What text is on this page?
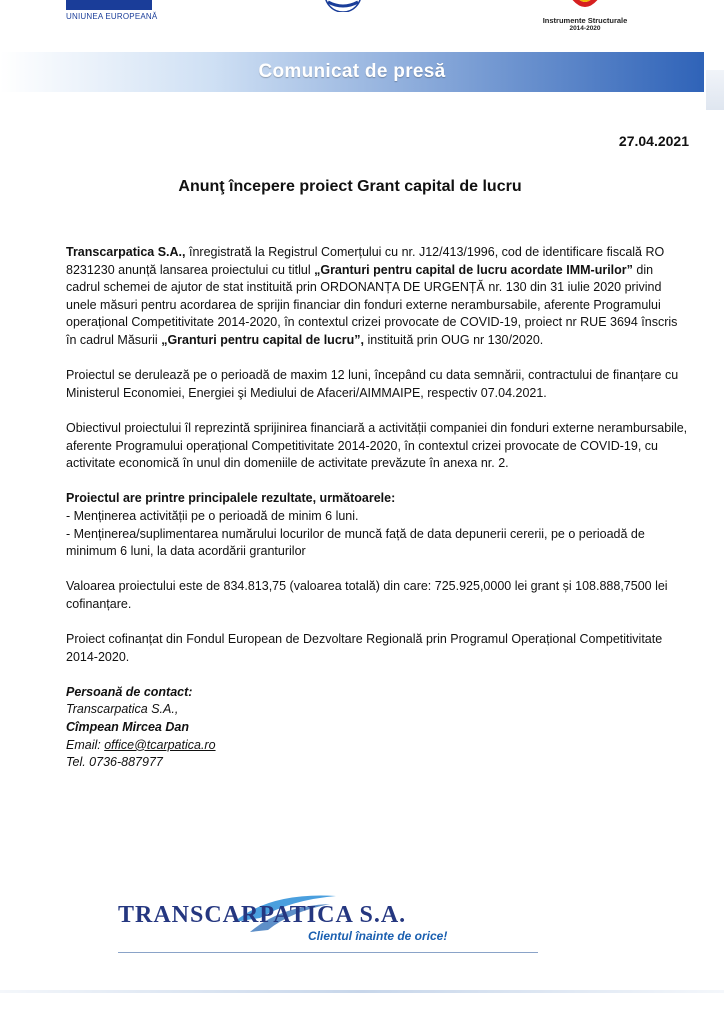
UNIUNEA EUROPEANĂ	Instrumente Structurale
2014-2020
Comunicat de presă
27.04.2021
Anunţ începere proiect Grant capital de lucru

Transcarpatica S.A., înregistrată la Registrul Comerțului cu nr. J12/413/1996, cod de identificare fiscală RO 8231230 anunță lansarea proiectului cu titlul „Granturi pentru capital de lucru acordate IMM-urilor” din cadrul schemei de ajutor de stat instituită prin ORDONANȚA DE URGENȚĂ nr. 130 din 31 iulie 2020 privind unele măsuri pentru acordarea de sprijin financiar din fonduri externe nerambursabile, aferente Programului operațional Competitivitate 2014-2020, în contextul crizei provocate de COVID-19, proiect nr RUE 3694 înscris în cadrul Măsurii „Granturi pentru capital de lucru”, instituită prin OUG nr 130/2020.

Proiectul se derulează pe o perioadă de maxim 12 luni, începând cu data semnării, contractului de finanțare cu Ministerul Economiei, Energiei şi Mediului de Afaceri/AIMMAIPE, respectiv 07.04.2021.

Obiectivul proiectului îl reprezintă sprijinirea financiară a activității companiei din fonduri externe nerambursabile, aferente Programului operațional Competitivitate 2014-2020, în contextul crizei provocate de COVID-19, cu activitate economică în unul din domeniile de activitate prevăzute în anexa nr. 2.

Proiectul are printre principalele rezultate, următoarele:

- Menținerea activității pe o perioadă de minim 6 luni.

- Menținerea/suplimentarea numărului locurilor de muncă față de data depunerii cererii, pe o perioadă de minimum 6 luni, la data acordării granturilor

Valoarea proiectului este de 834.813,75 (valoarea totală) din care: 725.925,0000 lei grant și 108.888,7500 lei cofinanțare.

Proiect cofinanțat din Fondul European de Dezvoltare Regională prin Programul Operațional Competitivitate 2014-2020.

Persoană de contact:
Transcarpatica S.A.,
Cîmpean Mircea Dan
Email: office@tcarpatica.ro
Tel. 0736-887977
TRANSCARPATICA S.A.
Clientul înainte de orice!
